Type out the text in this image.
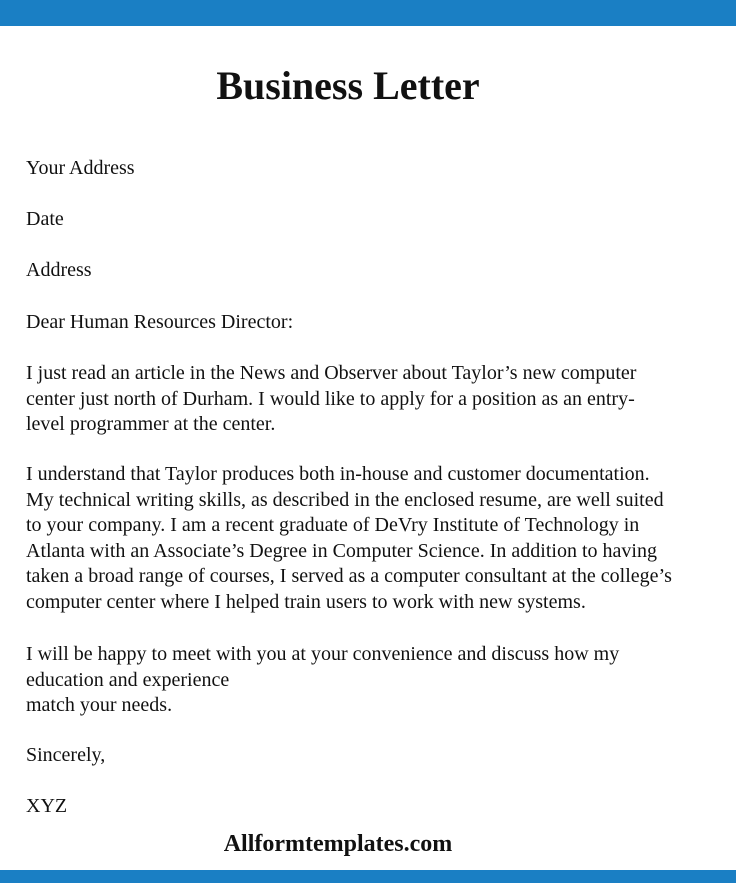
Business Letter
Your Address
Date
Address
Dear Human Resources Director:
I just read an article in the News and Observer about Taylor’s new computer
center just north of Durham. I would like to apply for a position as an entry-
level programmer at the center.
I understand that Taylor produces both in-house and customer documentation.
My technical writing skills, as described in the enclosed resume, are well suited
to your company. I am a recent graduate of DeVry Institute of Technology in
Atlanta with an Associate’s Degree in Computer Science. In addition to having
taken a broad range of courses, I served as a computer consultant at the college’s
computer center where I helped train users to work with new systems.
I will be happy to meet with you at your convenience and discuss how my
education and experience
match your needs.
Sincerely,
XYZ
Allformtemplates.com
